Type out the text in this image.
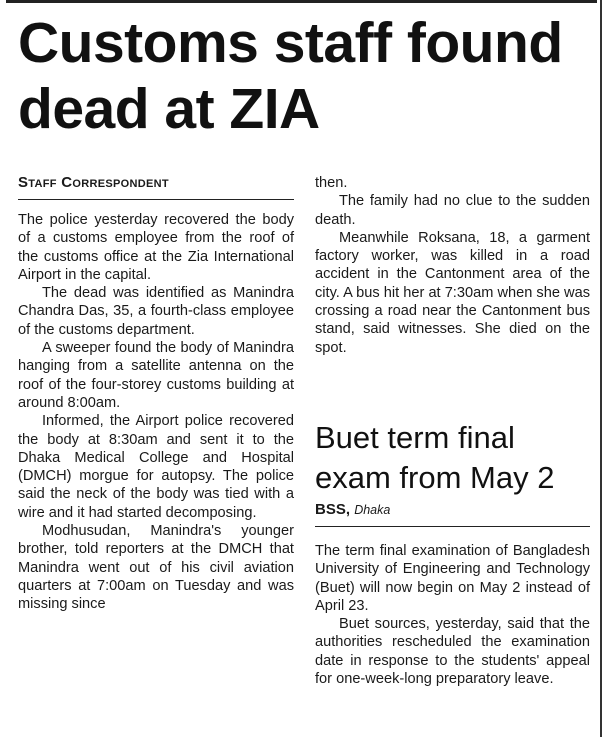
Customs staff found
dead at ZIA
Staff Correspondent

The police yesterday recovered the body of a customs employee from the roof of the customs office at the Zia International Airport in the capital.

The dead was identified as Manindra Chandra Das, 35, a fourth-class employee of the customs department.

A sweeper found the body of Manindra hanging from a satellite antenna on the roof of the four-storey customs building at around 8:00am.

Informed, the Airport police recovered the body at 8:30am and sent it to the Dhaka Medical College and Hospital (DMCH) morgue for autopsy. The police said the neck of the body was tied with a wire and it had started decomposing.

Modhusudan, Manindra's younger brother, told reporters at the DMCH that Manindra went out of his civil aviation quarters at 7:00am on Tuesday and was missing since

then.

The family had no clue to the sudden death.

Meanwhile Roksana, 18, a garment factory worker, was killed in a road accident in the Cantonment area of the city. A bus hit her at 7:30am when she was crossing a road near the Cantonment bus stand, said witnesses. She died on the spot.

Buet term final
exam from May 2
BSS, Dhaka

The term final examination of Bangladesh University of Engineering and Technology (Buet) will now begin on May 2 instead of April 23.

Buet sources, yesterday, said that the authorities rescheduled the examination date in response to the students' appeal for one-week-long preparatory leave.
